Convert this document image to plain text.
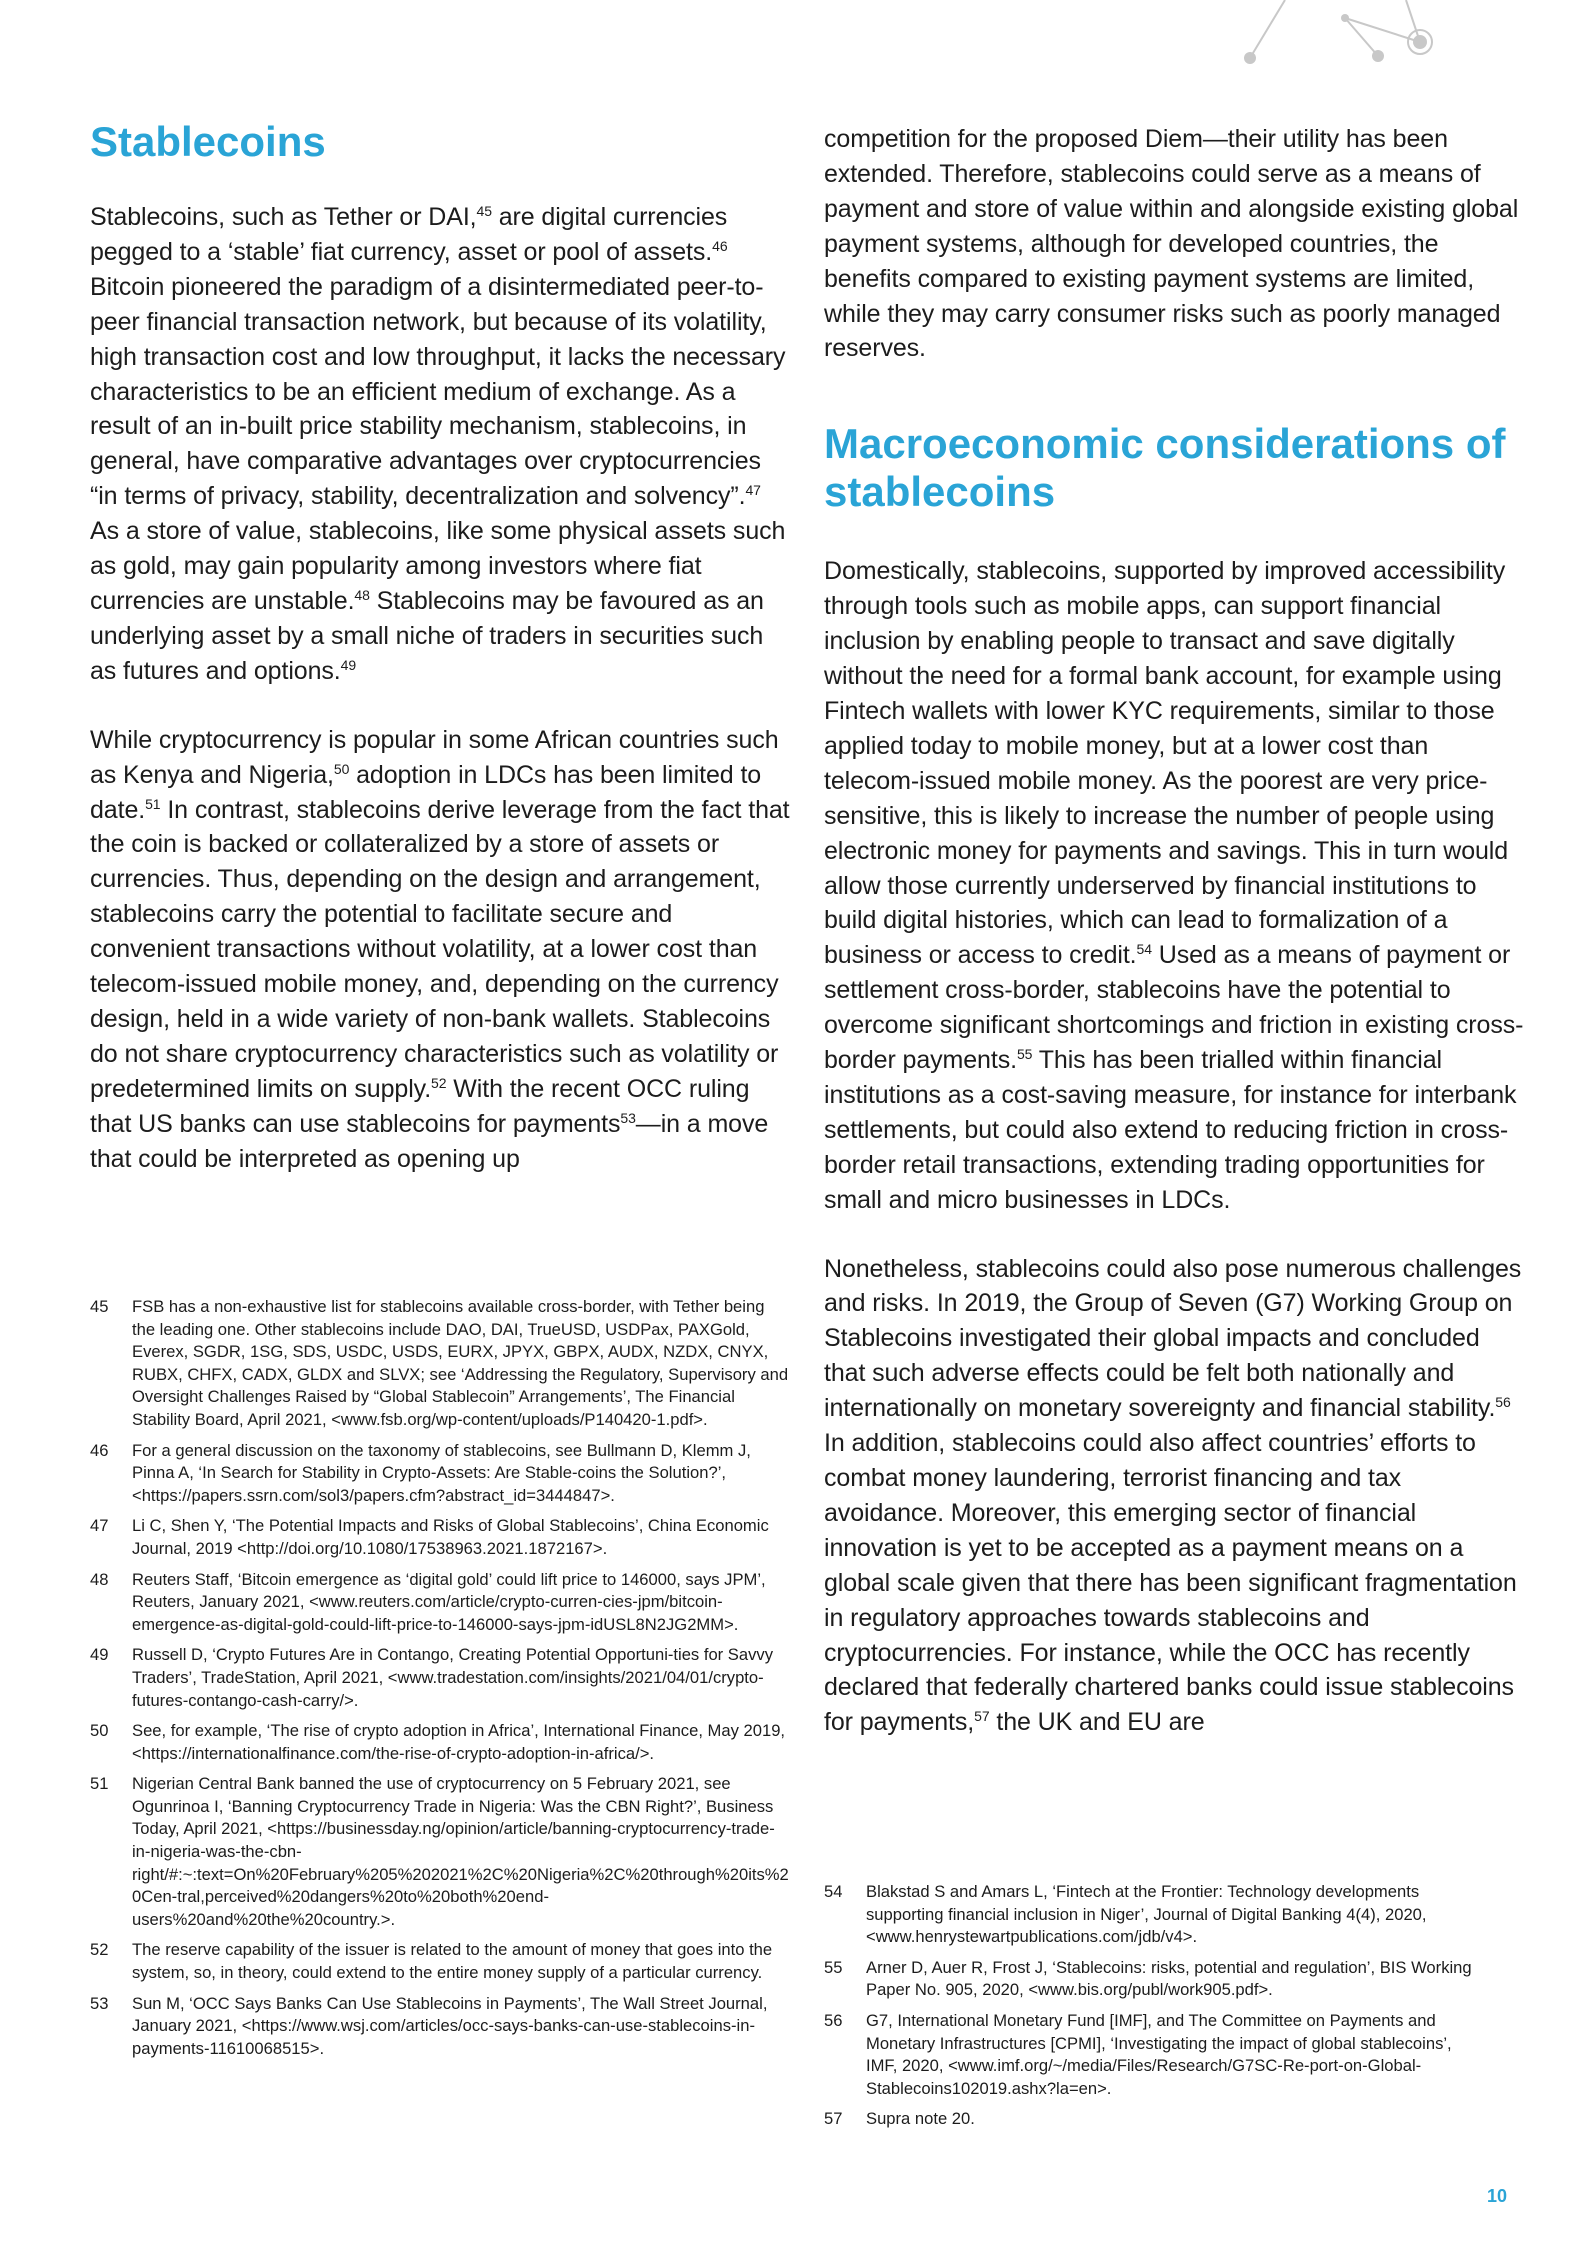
Stablecoins

Stablecoins, such as Tether or DAI,$^{45}$ are digital currencies pegged to a ‘stable’ fiat currency, asset or pool of assets.$^{46}$ Bitcoin pioneered the paradigm of a disintermediated peer-to-peer financial transaction network, but because of its volatility, high transaction cost and low throughput, it lacks the necessary characteristics to be an efficient medium of exchange. As a result of an in-built price stability mechanism, stablecoins, in general, have comparative advantages over cryptocurrencies “in terms of privacy, stability, decentralization and solvency”.$^{47}$ As a store of value, stablecoins, like some physical assets such as gold, may gain popularity among investors where fiat currencies are unstable.$^{48}$ Stablecoins may be favoured as an underlying asset by a small niche of traders in securities such as futures and options.$^{49}$

While cryptocurrency is popular in some African countries such as Kenya and Nigeria,$^{50}$ adoption in LDCs has been limited to date.$^{51}$ In contrast, stablecoins derive leverage from the fact that the coin is backed or collateralized by a store of assets or currencies. Thus, depending on the design and arrangement, stablecoins carry the potential to facilitate secure and convenient transactions without volatility, at a lower cost than telecom-issued mobile money, and, depending on the currency design, held in a wide variety of non-bank wallets. Stablecoins do not share cryptocurrency characteristics such as volatility or predetermined limits on supply.$^{52}$ With the recent OCC ruling that US banks can use stablecoins for payments$^{53}$—in a move that could be interpreted as opening up

competition for the proposed Diem—their utility has been extended. Therefore, stablecoins could serve as a means of payment and store of value within and alongside existing global payment systems, although for developed countries, the benefits compared to existing payment systems are limited, while they may carry consumer risks such as poorly managed reserves.

Macroeconomic considerations of stablecoins

Domestically, stablecoins, supported by improved accessibility through tools such as mobile apps, can support financial inclusion by enabling people to transact and save digitally without the need for a formal bank account, for example using Fintech wallets with lower KYC requirements, similar to those applied today to mobile money, but at a lower cost than telecom-issued mobile money. As the poorest are very price-sensitive, this is likely to increase the number of people using electronic money for payments and savings. This in turn would allow those currently underserved by financial institutions to build digital histories, which can lead to formalization of a business or access to credit.$^{54}$ Used as a means of payment or settlement cross-border, stablecoins have the potential to overcome significant shortcomings and friction in existing cross-border payments.$^{55}$ This has been trialled within financial institutions as a cost-saving measure, for instance for interbank settlements, but could also extend to reducing friction in cross-border retail transactions, extending trading opportunities for small and micro businesses in LDCs.

Nonetheless, stablecoins could also pose numerous challenges and risks. In 2019, the Group of Seven (G7) Working Group on Stablecoins investigated their global impacts and concluded that such adverse effects could be felt both nationally and internationally on monetary sovereignty and financial stability.$^{56}$ In addition, stablecoins could also affect countries’ efforts to combat money laundering, terrorist financing and tax avoidance. Moreover, this emerging sector of financial innovation is yet to be accepted as a payment means on a global scale given that there has been significant fragmentation in regulatory approaches towards stablecoins and cryptocurrencies. For instance, while the OCC has recently declared that federally chartered banks could issue stablecoins for payments,$^{57}$ the UK and EU are

45	FSB has a non-exhaustive list for stablecoins available cross-border, with Tether being the leading one. Other stablecoins include DAO, DAI, TrueUSD, USDPax, PAXGold, Everex, SGDR, 1SG, SDS, USDC, USDS, EURX, JPYX, GBPX, AUDX, NZDX, CNYX, RUBX, CHFX, CADX, GLDX and SLVX; see ‘Addressing the Regulatory, Supervisory and Oversight Challenges Raised by “Global Stablecoin” Arrangements’, The Financial Stability Board, April 2021, <www.fsb.org/wp-content/uploads/P140420-1.pdf>.
46	For a general discussion on the taxonomy of stablecoins, see Bullmann D, Klemm J, Pinna A, ‘In Search for Stability in Crypto-Assets: Are Stable-coins the Solution?’, <https://papers.ssrn.com/sol3/papers.cfm?abstract_id=3444847>.
47	Li C, Shen Y, ‘The Potential Impacts and Risks of Global Stablecoins’, China Economic Journal, 2019 <http://doi.org/10.1080/17538963.2021.1872167>.
48	Reuters Staff, ‘Bitcoin emergence as ‘digital gold’ could lift price to 146000, says JPM’, Reuters, January 2021, <www.reuters.com/article/crypto-curren-cies-jpm/bitcoin-emergence-as-digital-gold-could-lift-price-to-146000-says-jpm-idUSL8N2JG2MM>.
49	Russell D, ‘Crypto Futures Are in Contango, Creating Potential Opportuni-ties for Savvy Traders’, TradeStation, April 2021, <www.tradestation.com/insights/2021/04/01/crypto-futures-contango-cash-carry/>.
50	See, for example, ‘The rise of crypto adoption in Africa’, International Finance, May 2019, <https://internationalfinance.com/the-rise-of-crypto-adoption-in-africa/>.
51	Nigerian Central Bank banned the use of cryptocurrency on 5 February 2021, see Ogunrinoa I, ‘Banning Cryptocurrency Trade in Nigeria: Was the CBN Right?’, Business Today, April 2021, <https://businessday.ng/opinion/article/banning-cryptocurrency-trade-in-nigeria-was-the-cbn-right/#:~:text=On%20February%205%202021%2C%20Nigeria%2C%20through%20its%20Cen-tral,perceived%20dangers%20to%20both%20end-users%20and%20the%20country.>.
52	The reserve capability of the issuer is related to the amount of money that goes into the system, so, in theory, could extend to the entire money supply of a particular currency.
53	Sun M, ‘OCC Says Banks Can Use Stablecoins in Payments’, The Wall Street Journal, January 2021, <https://www.wsj.com/articles/occ-says-banks-can-use-stablecoins-in-payments-11610068515>.
54	Blakstad S and Amars L, ‘Fintech at the Frontier: Technology developments supporting financial inclusion in Niger’, Journal of Digital Banking 4(4), 2020, <www.henrystewartpublications.com/jdb/v4>.
55	Arner D, Auer R, Frost J, ‘Stablecoins: risks, potential and regulation’, BIS Working Paper No. 905, 2020, <www.bis.org/publ/work905.pdf>.
56	G7, International Monetary Fund [IMF], and The Committee on Payments and Monetary Infrastructures [CPMI], ‘Investigating the impact of global stablecoins’, IMF, 2020, <www.imf.org/~/media/Files/Research/G7SC-Re-port-on-Global-Stablecoins102019.ashx?la=en>.
57	Supra note 20.
10
